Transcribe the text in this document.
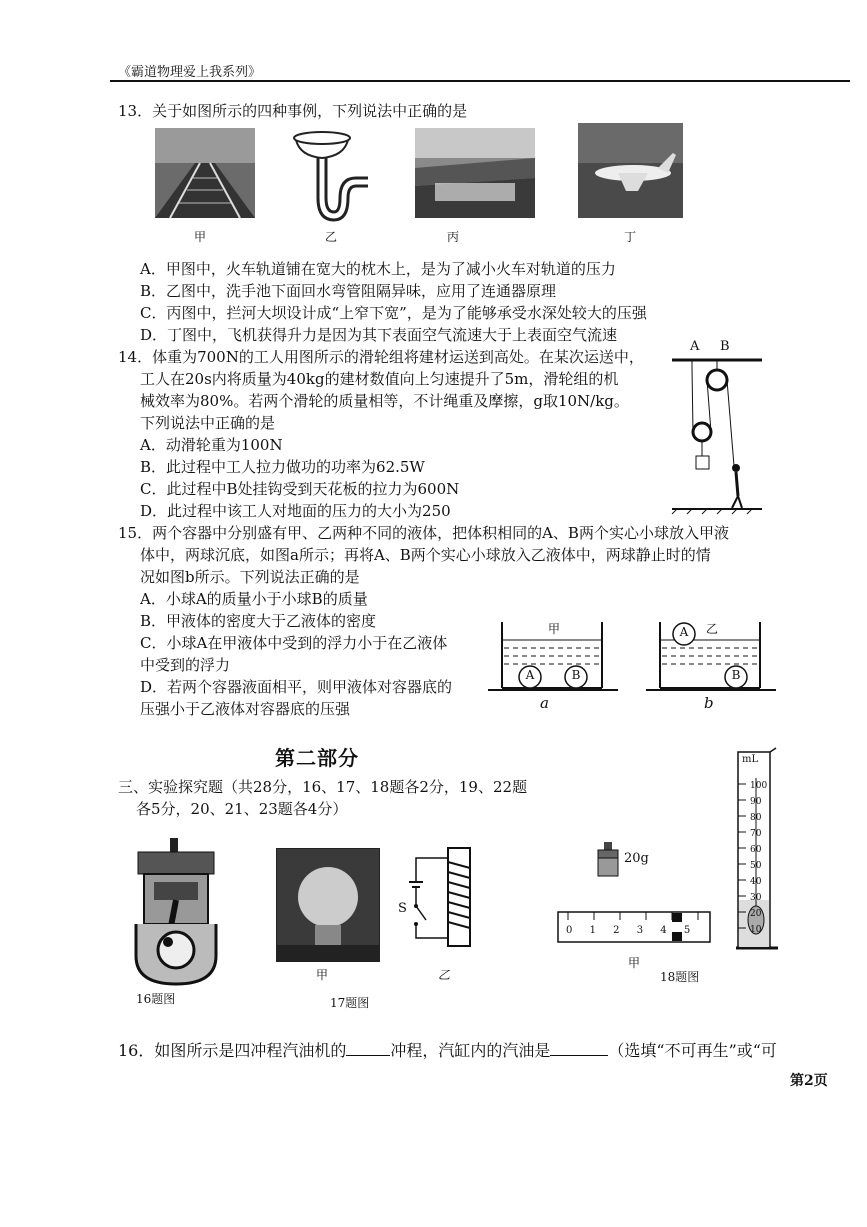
《霸道物理爱上我系列》
13．关于如图所示的四种事例，下列说法中正确的是
甲	乙	丙	丁
A．甲图中，火车轨道铺在宽大的枕木上，是为了减小火车对轨道的压力
B．乙图中，洗手池下面回水弯管阻隔异味，应用了连通器原理
C．丙图中，拦河大坝设计成“上窄下宽”，是为了能够承受水深处较大的压强
D．丁图中，飞机获得升力是因为其下表面空气流速大于上表面空气流速
14．体重为700N的工人用图所示的滑轮组将建材运送到高处。在某次运送中，
工人在20s内将质量为40kg的建材数值向上匀速提升了5m，滑轮组的机
械效率为80%。若两个滑轮的质量相等，不计绳重及摩擦，g取10N/kg。
下列说法中正确的是
A．动滑轮重为100N
B．此过程中工人拉力做功的功率为62.5W
C．此过程中B处挂钩受到天花板的拉力为600N
D．此过程中该工人对地面的压力的大小为250
A B
15．两个容器中分别盛有甲、乙两种不同的液体，把体积相同的A、B两个实心小球放入甲液
体中，两球沉底，如图a所示；再将A、B两个实心小球放入乙液体中，两球静止时的情
况如图b所示。下列说法正确的是
A．小球A的质量小于小球B的质量
B．甲液体的密度大于乙液体的密度
C．小球A在甲液体中受到的浮力小于在乙液体
中受到的浮力
D．若两个容器液面相平，则甲液体对容器底的
压强小于乙液体对容器底的压强
甲
A	B
a
乙
A
B
b
第二部分
三、实验探究题（共28分，16、17、18题各2分，19、22题
各5分，20、21、23题各4分）
16题图
甲
S
乙
17题图
20g
0 1 2 3 4 5
甲
18题图
mL
100
90
80
70
60
50
40
30
20
10
16．如图所示是四冲程汽油机的	冲程，汽缸内的汽油是	（选填“不可再生”或“可
第2页
